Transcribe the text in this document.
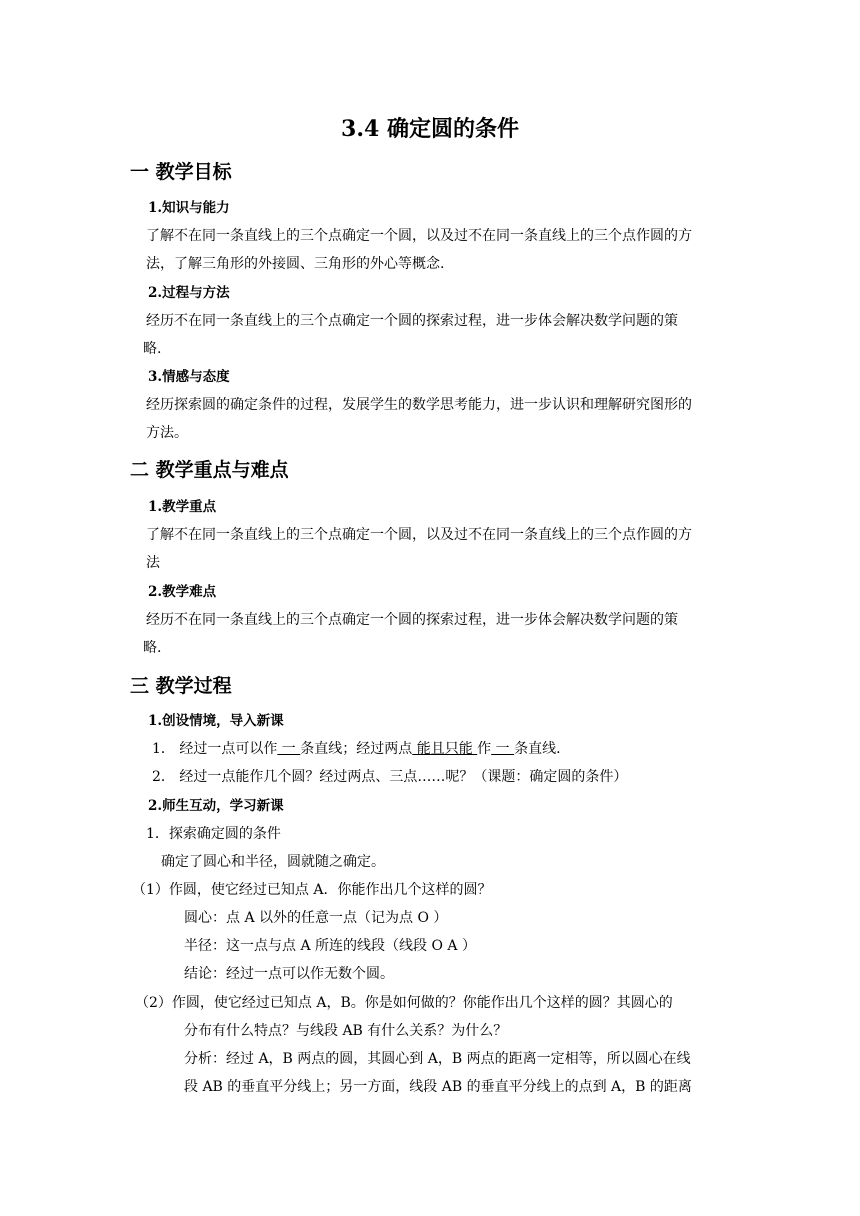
3.4 确定圆的条件
一 教学目标
1.知识与能力
了解不在同一条直线上的三个点确定一个圆，以及过不在同一条直线上的三个点作圆的方
法，了解三角形的外接圆、三角形的外心等概念.
2.过程与方法
经历不在同一条直线上的三个点确定一个圆的探索过程，进一步体会解决数学问题的策
略.
3.情感与态度
经历探索圆的确定条件的过程，发展学生的数学思考能力，进一步认识和理解研究图形的
方法。
二 教学重点与难点
1.教学重点
了解不在同一条直线上的三个点确定一个圆，以及过不在同一条直线上的三个点作圆的方
法
2.教学难点
经历不在同一条直线上的三个点确定一个圆的探索过程，进一步体会解决数学问题的策
略.
三 教学过程
1.创设情境，导入新课
1． 经过一点可以作 一 条直线；经过两点 能且只能 作 一 条直线.
2． 经过一点能作几个圆？经过两点、三点……呢？（课题：确定圆的条件）
2.师生互动，学习新课
1．探索确定圆的条件
确定了圆心和半径，圆就随之确定。
（1）作圆，使它经过已知点 A．你能作出几个这样的圆？
圆心：点 A 以外的任意一点（记为点 O ）
半径：这一点与点 A 所连的线段（线段 O A ）
结论：经过一点可以作无数个圆。
（2）作圆，使它经过已知点 A，B。你是如何做的？你能作出几个这样的圆？其圆心的
分布有什么特点？与线段 AB 有什么关系？为什么？
分析：经过 A，B 两点的圆，其圆心到 A，B 两点的距离一定相等，所以圆心在线
段 AB 的垂直平分线上；另一方面，线段 AB 的垂直平分线上的点到 A，B 的距离
